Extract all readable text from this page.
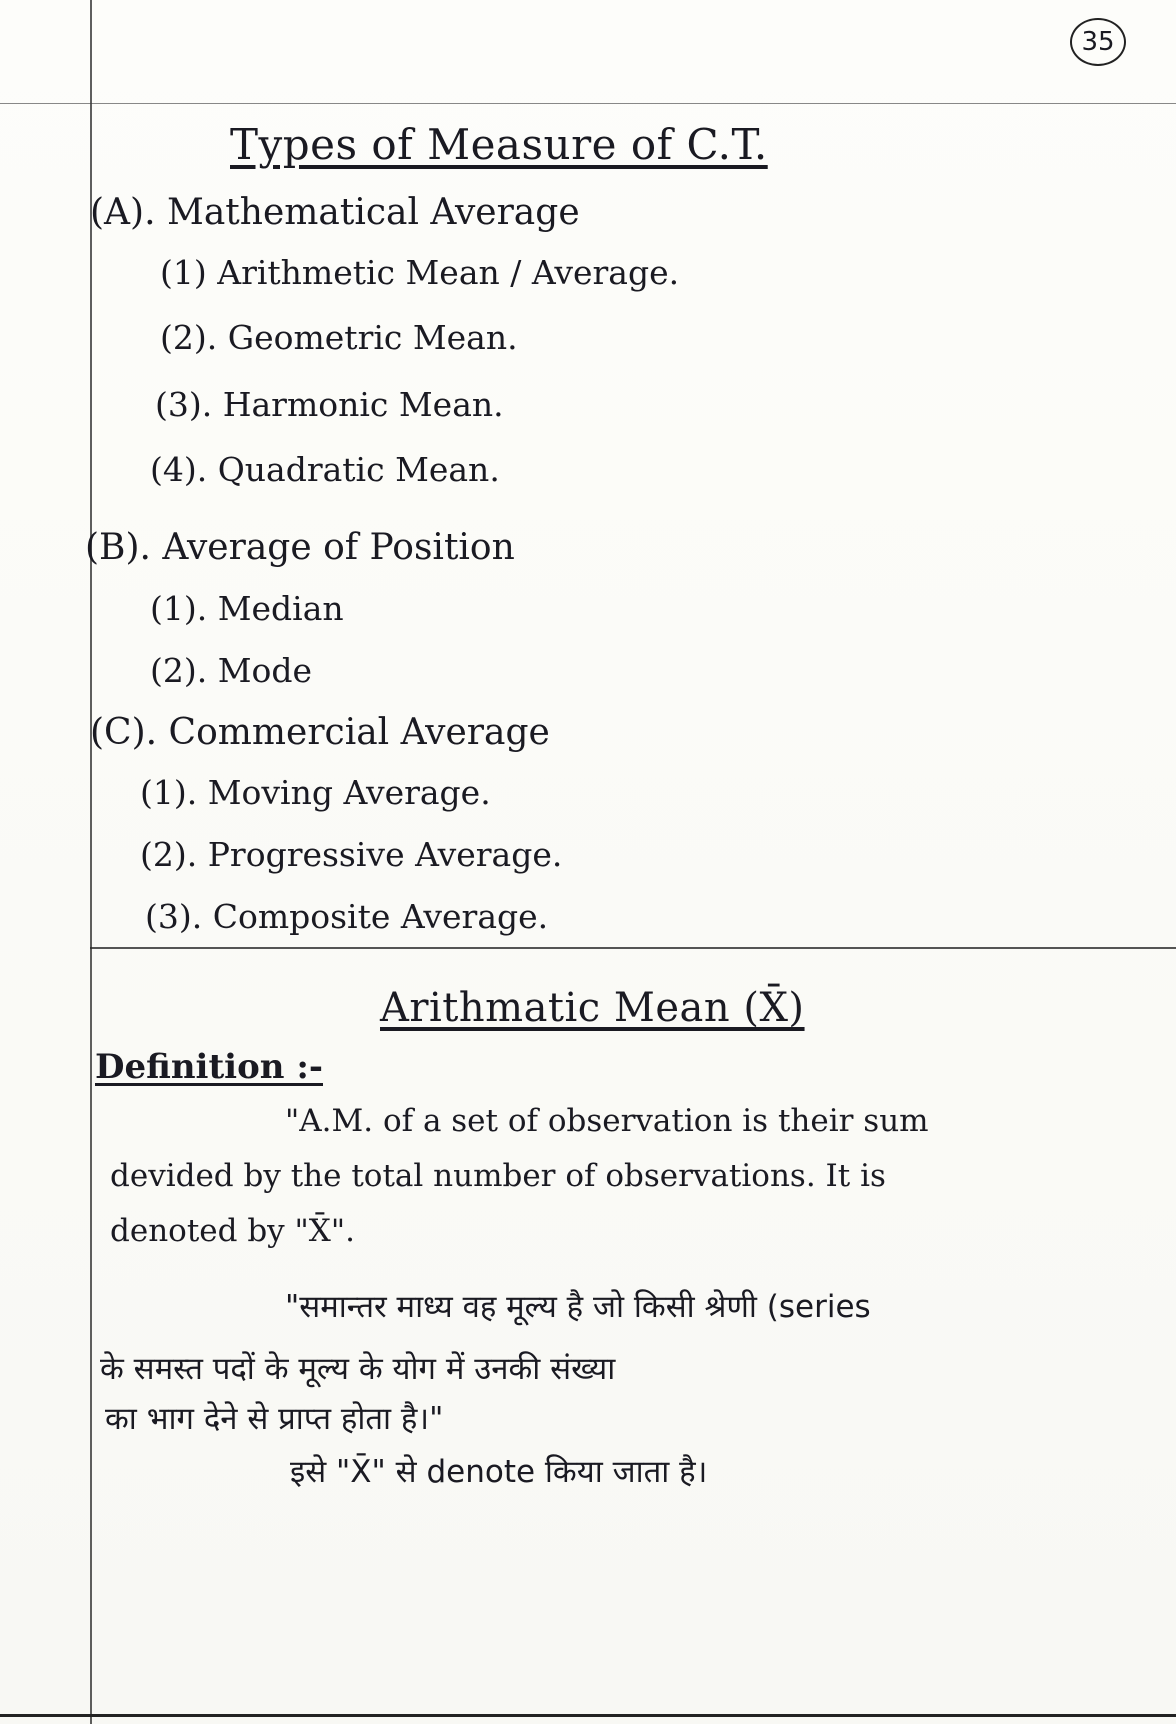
35
Types of Measure of C.T.
(A). Mathematical Average
(1) Arithmetic Mean / Average.
(2). Geometric Mean.
(3). Harmonic Mean.
(4). Quadratic Mean.
(B). Average of Position
(1). Median
(2). Mode
(C). Commercial Average
(1). Moving Average.
(2). Progressive Average.
(3). Composite Average.
Arithmatic Mean (X̄)
Definition :-
"A.M. of a set of observation is their sum
devided by the total number of observations. It is
denoted by "X̄".
"समान्तर माध्य वह मूल्य है जो किसी श्रेणी (series
के समस्त पदों के मूल्य के योग में उनकी संख्या
का भाग देने से प्राप्त होता है।"
इसे "X̄" से denote किया जाता है।
